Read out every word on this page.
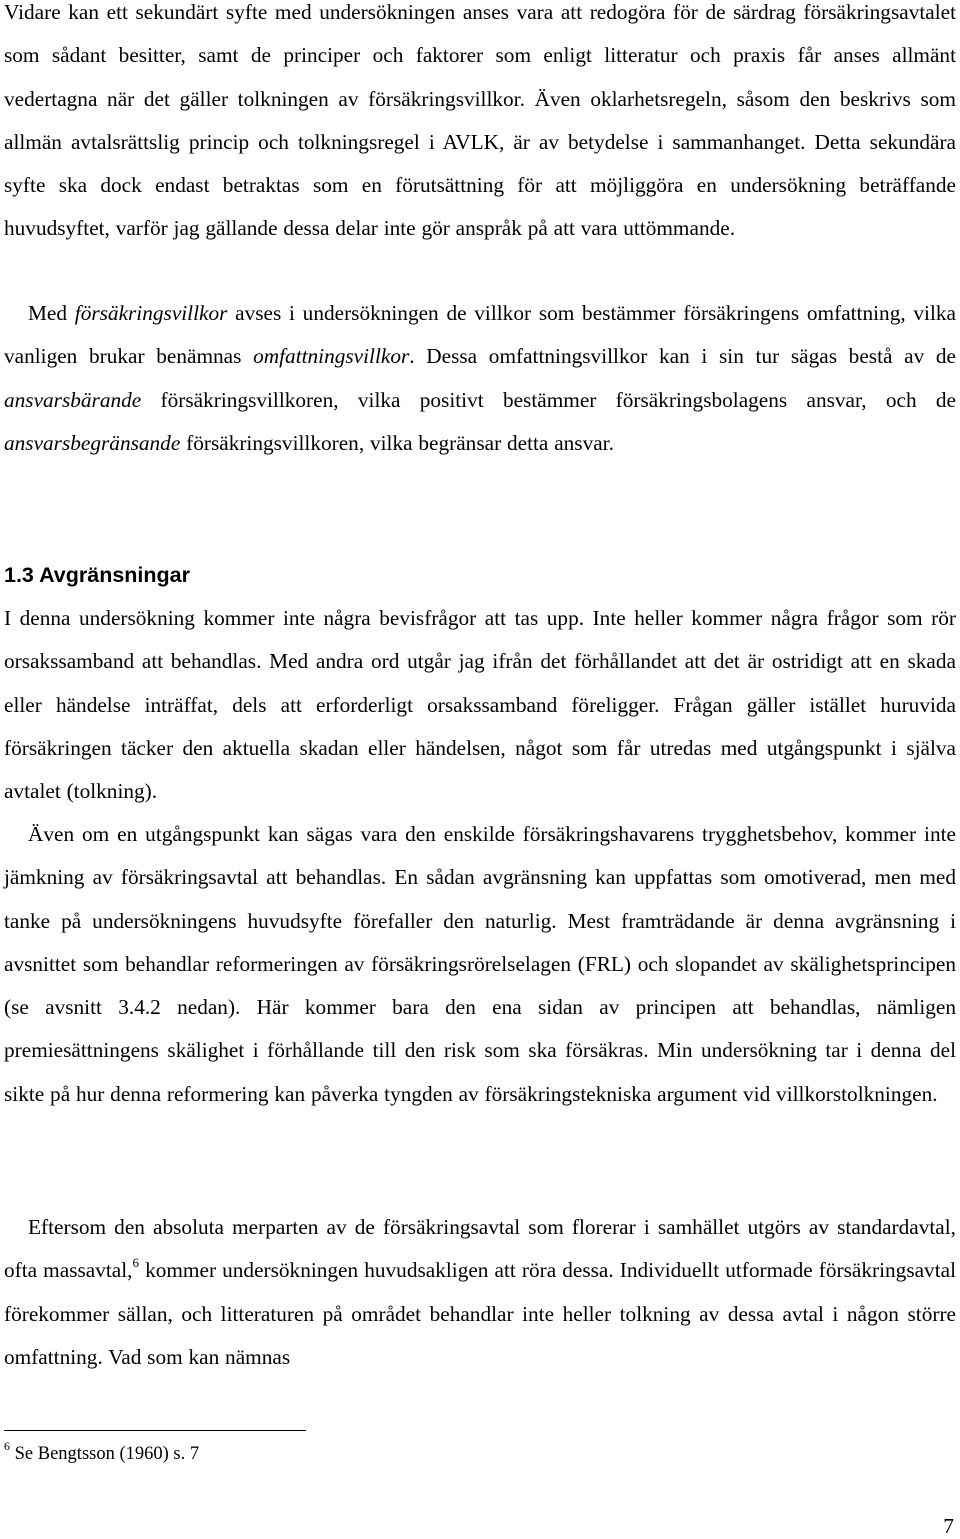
Vidare kan ett sekundärt syfte med undersökningen anses vara att redogöra för de särdrag försäkringsavtalet som sådant besitter, samt de principer och faktorer som enligt litteratur och praxis får anses allmänt vedertagna när det gäller tolkningen av försäkringsvillkor. Även oklarhetsregeln, såsom den beskrivs som allmän avtalsrättslig princip och tolkningsregel i AVLK, är av betydelse i sammanhanget. Detta sekundära syfte ska dock endast betraktas som en förutsättning för att möjliggöra en undersökning beträffande huvudsyftet, varför jag gällande dessa delar inte gör anspråk på att vara uttömmande.

Med försäkringsvillkor avses i undersökningen de villkor som bestämmer försäkringens omfattning, vilka vanligen brukar benämnas omfattningsvillkor. Dessa omfattningsvillkor kan i sin tur sägas bestå av de ansvarsbärande försäkringsvillkoren, vilka positivt bestämmer försäkringsbolagens ansvar, och de ansvarsbegränsande försäkringsvillkoren, vilka begränsar detta ansvar.

1.3 Avgränsningar

I denna undersökning kommer inte några bevisfrågor att tas upp. Inte heller kommer några frågor som rör orsakssamband att behandlas. Med andra ord utgår jag ifrån det förhållandet att det är ostridigt att en skada eller händelse inträffat, dels att erforderligt orsakssamband föreligger. Frågan gäller istället huruvida försäkringen täcker den aktuella skadan eller händelsen, något som får utredas med utgångspunkt i själva avtalet (tolkning).

Även om en utgångspunkt kan sägas vara den enskilde försäkringshavarens trygghetsbehov, kommer inte jämkning av försäkringsavtal att behandlas. En sådan avgränsning kan uppfattas som omotiverad, men med tanke på undersökningens huvudsyfte förefaller den naturlig. Mest framträdande är denna avgränsning i avsnittet som behandlar reformeringen av försäkringsrörelselagen (FRL) och slopandet av skälighetsprincipen (se avsnitt 3.4.2 nedan). Här kommer bara den ena sidan av principen att behandlas, nämligen premiesättningens skälighet i förhållande till den risk som ska försäkras. Min undersökning tar i denna del sikte på hur denna reformering kan påverka tyngden av försäkringstekniska argument vid villkorstolkningen.

Eftersom den absoluta merparten av de försäkringsavtal som florerar i samhället utgörs av standardavtal, ofta massavtal,$^6$ kommer undersökningen huvudsakligen att röra dessa. Individuellt utformade försäkringsavtal förekommer sällan, och litteraturen på området behandlar inte heller tolkning av dessa avtal i någon större omfattning. Vad som kan nämnas

$^6$ Se Bengtsson (1960) s. 7

7
